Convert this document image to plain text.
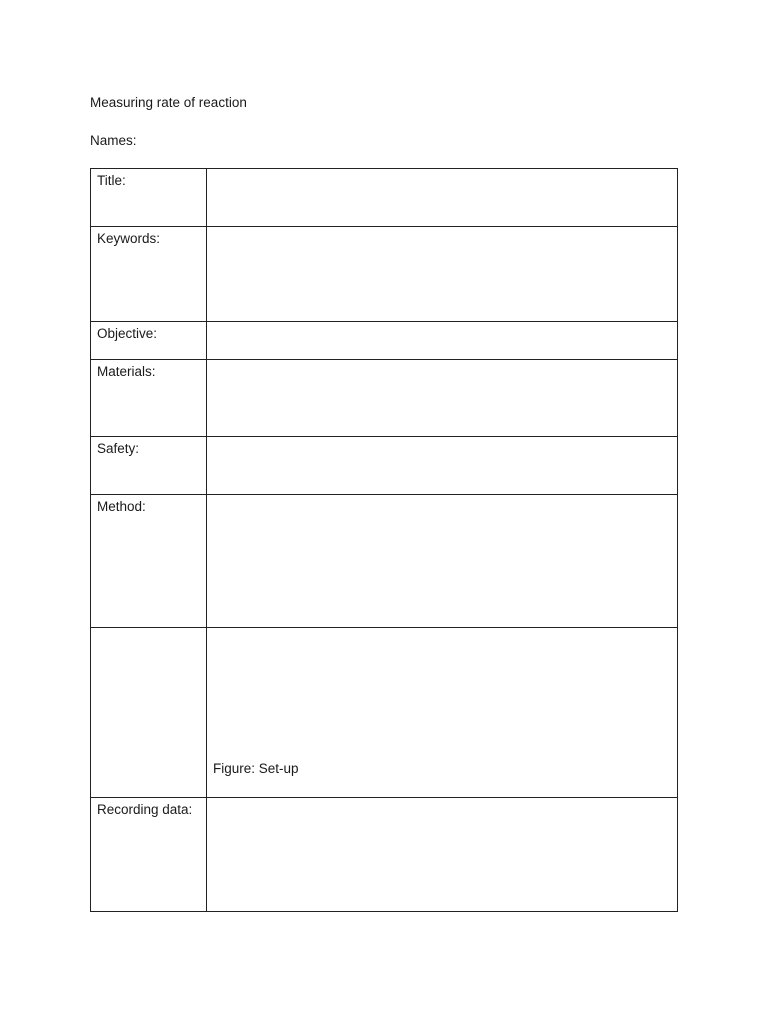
Measuring rate of reaction
Names:
Title:	

Keywords:	

Objective:	

Materials:	

Safety:	

Method:	

	Figure: Set-up

Recording data:	
